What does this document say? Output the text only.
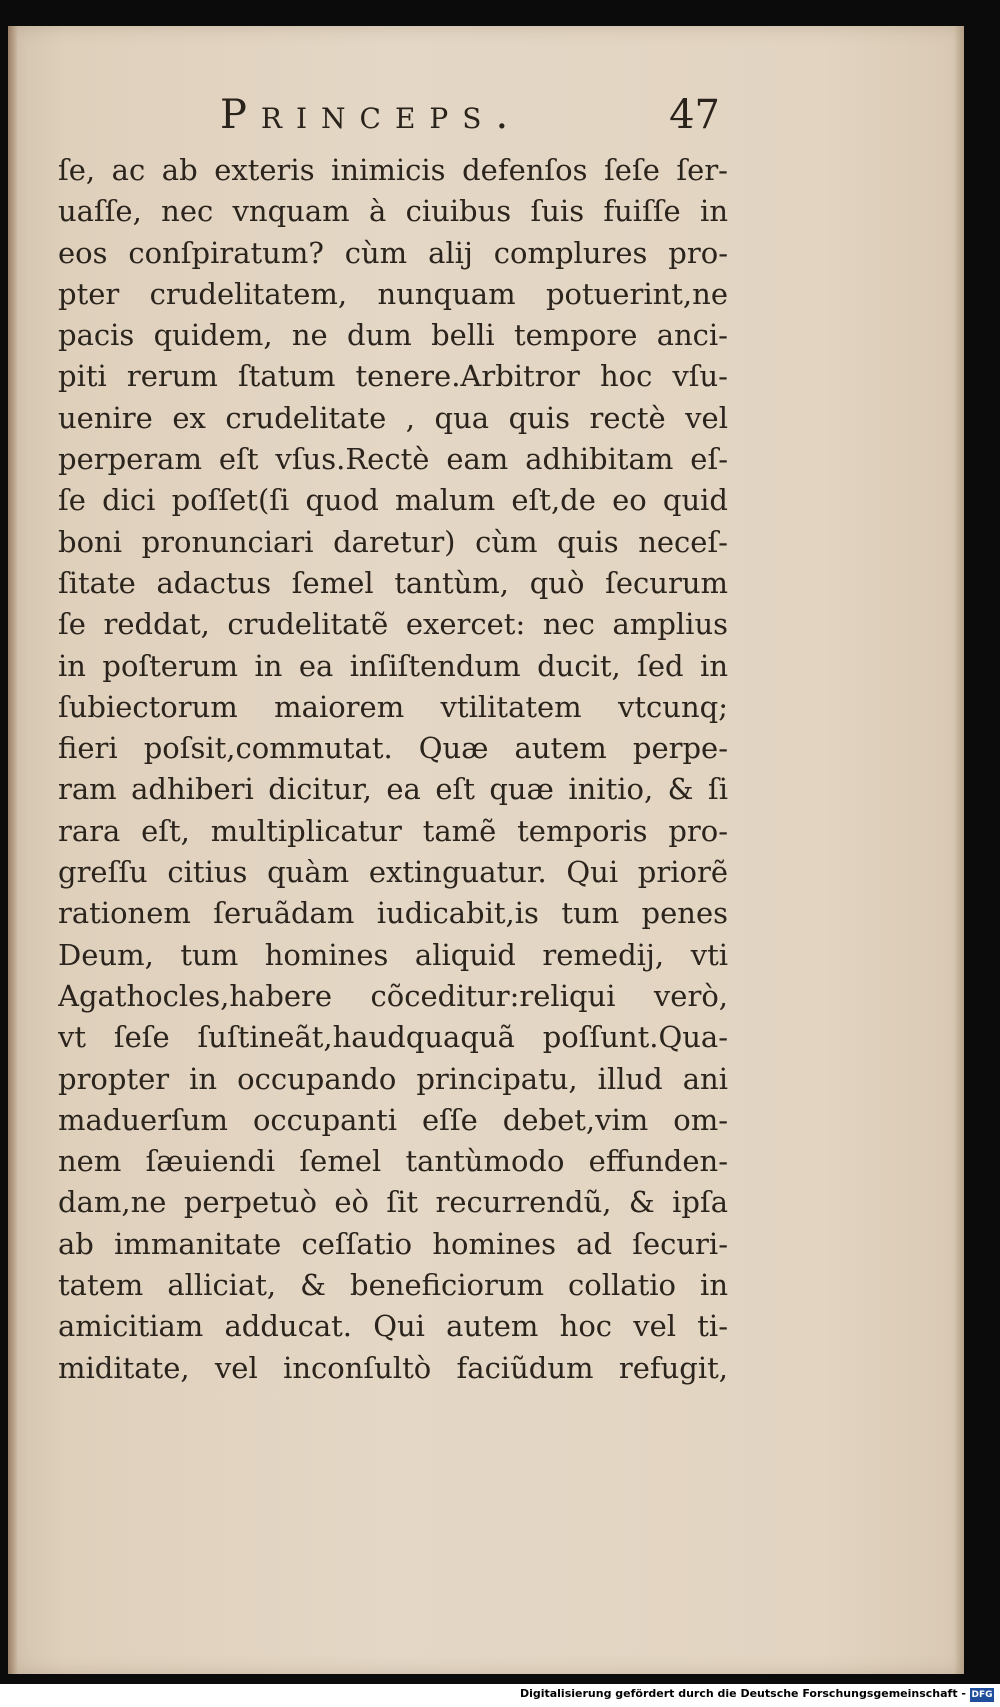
Princeps.	47
ſe, ac ab exteris inimicis defenſos ſeſe ſer-
uaſſe, nec vnquam à ciuibus ſuis fuiſſe in
eos conſpiratum? cùm alij complures pro-
pter crudelitatem, nunquam potuerint,ne
pacis quidem, ne dum belli tempore anci-
piti rerum ſtatum tenere.Arbitror hoc vſu-
uenire ex crudelitate , qua quis rectè vel
perperam eſt vſus.Rectè eam adhibitam eſ-
ſe dici poſſet(ſi quod malum eſt,de eo quid
boni pronunciari daretur) cùm quis neceſ-
ſitate adactus ſemel tantùm, quò ſecurum
ſe reddat, crudelitatẽ exercet: nec amplius
in poſterum in ea inſiſtendum ducit, ſed in
ſubiectorum maiorem vtilitatem vtcunq;
fieri poſsit,commutat. Quæ autem perpe-
ram adhiberi dicitur, ea eſt quæ initio, & ſi
rara eſt, multiplicatur tamẽ temporis pro-
greſſu citius quàm extinguatur. Qui priorẽ
rationem ſeruãdam iudicabit,is tum penes
Deum, tum homines aliquid remedij, vti
Agathocles,habere cõceditur:reliqui verò,
vt ſeſe ſuſtineãt,haudquaquã poſſunt.Qua-
propter in occupando principatu, illud ani
maduerſum occupanti eſſe debet,vim om-
nem ſæuiendi ſemel tantùmodo effunden-
dam,ne perpetuò eò ſit recurrendũ, & ipſa
ab immanitate ceſſatio homines ad ſecuri-
tatem alliciat, & beneficiorum collatio in
amicitiam adducat. Qui autem hoc vel ti-
miditate, vel inconſultò faciũdum refugit,
Digitalisierung gefördert durch die Deutsche Forschungsgemeinschaft - DFG
